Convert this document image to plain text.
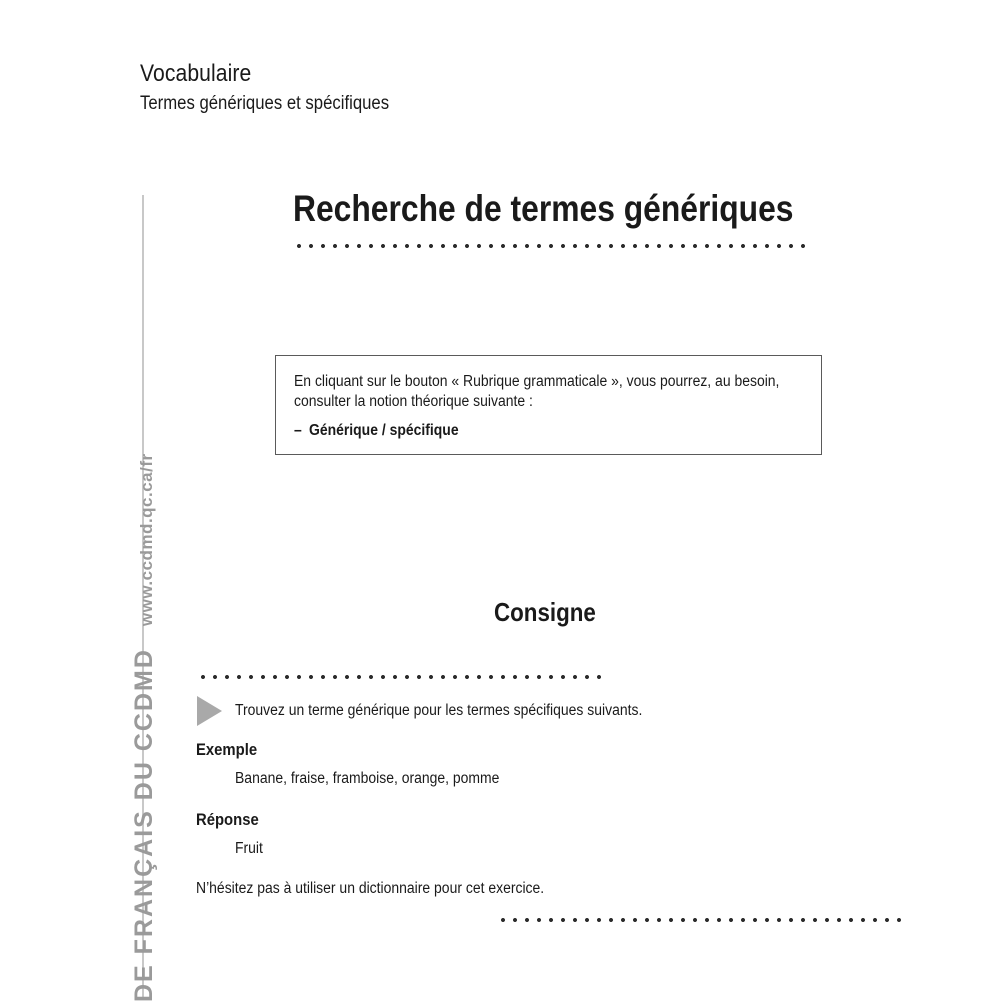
Vocabulaire
Termes génériques et spécifiques
DE FRANÇAIS DU CCDMDwww.ccdmd.qc.ca/fr
Recherche de termes génériques
En cliquant sur le bouton « Rubrique grammaticale », vous pourrez, au besoin, consulter la notion théorique suivante :
– Générique / spécifique
Consigne
Trouvez un terme générique pour les termes spécifiques suivants.
Exemple
Banane, fraise, framboise, orange, pomme
Réponse
Fruit
N’hésitez pas à utiliser un dictionnaire pour cet exercice.
